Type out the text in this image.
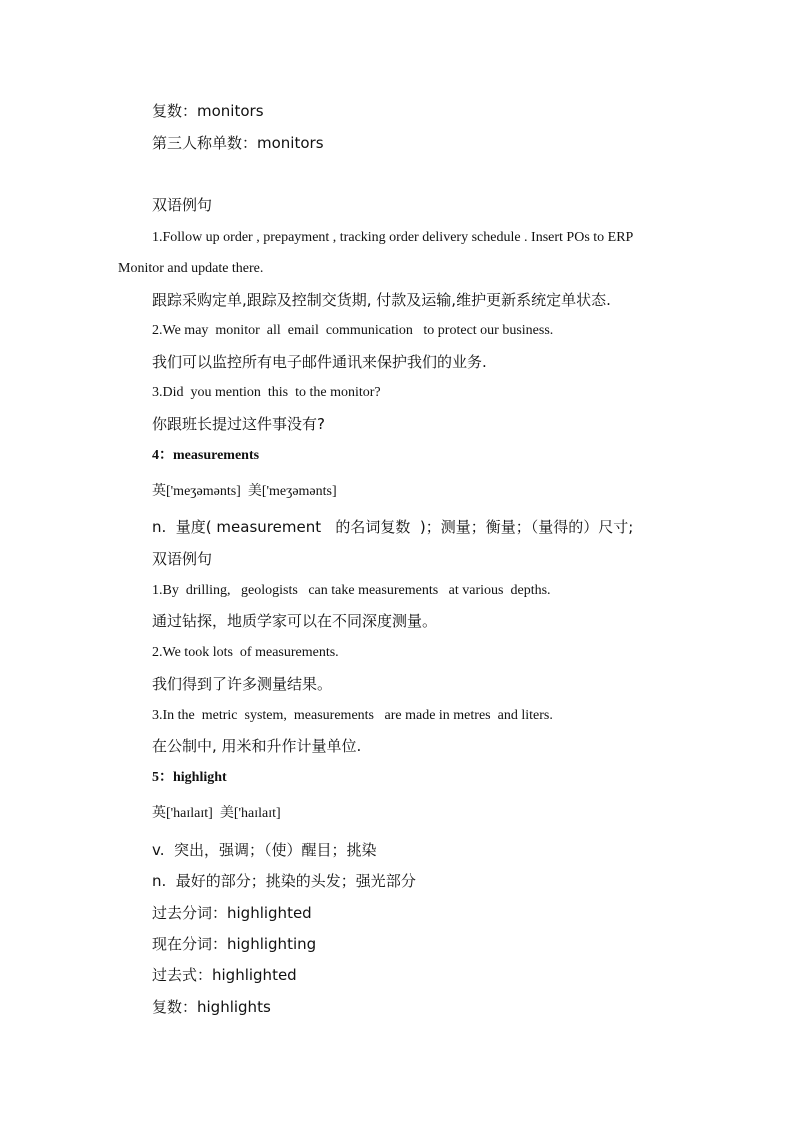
复数：monitors
第三人称单数：monitors
双语例句
1.Follow up order , prepayment , tracking order delivery schedule . Insert POs to ERP Monitor and update there.
跟踪采购定单,跟踪及控制交货期, 付款及运输,维护更新系统定单状态.
2.We may  monitor  all  email  communication   to protect our business.
我们可以监控所有电子邮件通讯来保护我们的业务.
3.Did  you mention  this  to the monitor?
你跟班长提过这件事没有?
4：measurements
英['meʒəmənts]  美['meʒəmənts]
n.  量度( measurement   的名词复数  )；测量；衡量；（量得的）尺寸;
双语例句
1.By  drilling,   geologists   can take measurements   at various  depths.
通过钻探，地质学家可以在不同深度测量。
2.We took lots  of measurements.
我们得到了许多测量结果。
3.In the  metric  system,  measurements   are made in metres  and liters.
在公制中, 用米和升作计量单位.
5：highlight
英['haɪlaɪt]  美['haɪlaɪt]
v.  突出，强调；（使）醒目；挑染
n.  最好的部分；挑染的头发；强光部分
过去分词：highlighted
现在分词：highlighting
过去式：highlighted
复数：highlights
